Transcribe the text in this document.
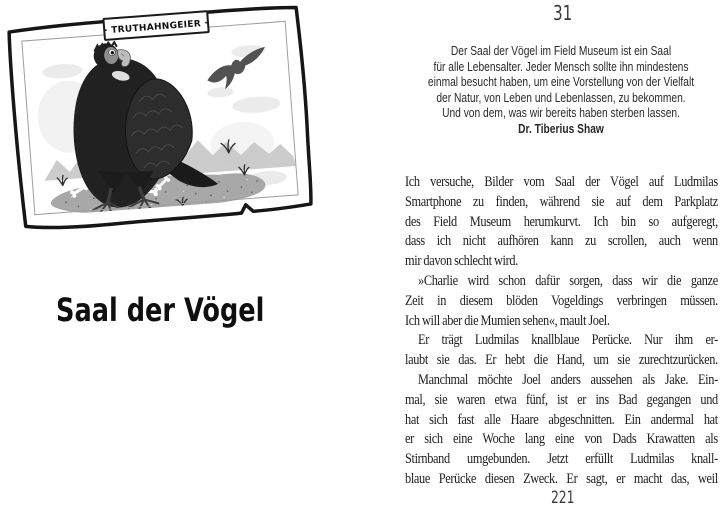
· TRUTHAHNGEIER ·
Saal der Vögel
31
Der Saal der Vögel im Field Museum ist ein Saal
für alle Lebensalter. Jeder Mensch sollte ihn mindestens
einmal besucht haben, um eine Vorstellung von der Vielfalt
der Natur, von Leben und Lebenlassen, zu bekommen.
Und von dem, was wir bereits haben sterben lassen.
Dr. Tiberius Shaw
Ich versuche, Bilder vom Saal der Vögel auf Ludmilas
Smartphone zu finden, während sie auf dem Parkplatz
des Field Museum herumkurvt. Ich bin so aufgeregt,
dass ich nicht aufhören kann zu scrollen, auch wenn
mir davon schlecht wird.
»Charlie wird schon dafür sorgen, dass wir die ganze
Zeit in diesem blöden Vogeldings verbringen müssen.
Ich will aber die Mumien sehen«, mault Joel.
Er trägt Ludmilas knallblaue Perücke. Nur ihm er-
laubt sie das. Er hebt die Hand, um sie zurechtzurücken.
Manchmal möchte Joel anders aussehen als Jake. Ein-
mal, sie waren etwa fünf, ist er ins Bad gegangen und
hat sich fast alle Haare abgeschnitten. Ein andermal hat
er sich eine Woche lang eine von Dads Krawatten als
Stirnband umgebunden. Jetzt erfüllt Ludmilas knall-
blaue Perücke diesen Zweck. Er sagt, er macht das, weil
221
